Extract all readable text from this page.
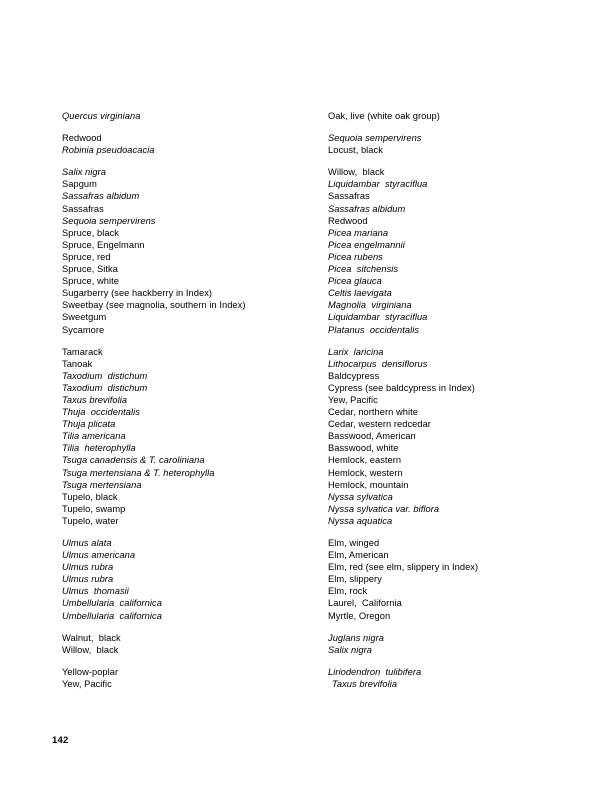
Quercus virginiana
Redwood
Robinia pseudoacacia
Salix nigra
Sapgum
Sassafras albidum
Sassafras
Sequoia sempervirens
Spruce, black
Spruce, Engelmann
Spruce, red
Spruce, Sitka
Spruce, white
Sugarberry (see hackberry in Index)
Sweetbay (see magnolia, southern in Index)
Sweetgum
Sycamore
Tamarack
Tanoak
Taxodium  distichum
Taxodium  distichum
Taxus brevifolia
Thuja  occidentalis
Thuja plicata
Tilia americana
Tilia  heterophylla
Tsuga canadensis & T. caroliniana
Tsuga mertensiana & T. heterophylla
Tsuga mertensiana
Tupelo, black
Tupelo, swamp
Tupelo, water
Ulmus alata
Ulmus americana
Ulmus rubra
Ulmus rubra
Ulmus  thomasii
Umbellularia  californica
Umbellularia  californica
Walnut,  black
Willow,  black
Yellow-poplar
Yew, Pacific
Oak, live (white oak group)
Sequoia sempervirens
Locust, black
Willow,  black
Liquidambar  styraciflua
Sassafras
Sassafras albidum
Redwood
Picea mariana
Picea engelmannii
Picea rubens
Picea  sitchensis
Picea glauca
Celtis laevigata
Magnolia  virginiana
Liquidambar  styraciflua
Platanus  occidentalis
Larix  laricina
Lithocarpus  densiflorus
Baldcypress
Cypress (see baldcypress in Index)
Yew, Pacific
Cedar, northern white
Cedar, western redcedar
Basswood, American
Basswood, white
Hemlock, eastern
Hemlock, western
Hemlock, mountain
Nyssa sylvatica
Nyssa sylvatica var. biflora
Nyssa aquatica
Elm, winged
Elm, American
Elm, red (see elm, slippery in Index)
Elm, slippery
Elm, rock
Laurel,  California
Myrtle, Oregon
Juglans nigra
Salix nigra
Liriodendron  tulibifera
Taxus brevifolia
142
